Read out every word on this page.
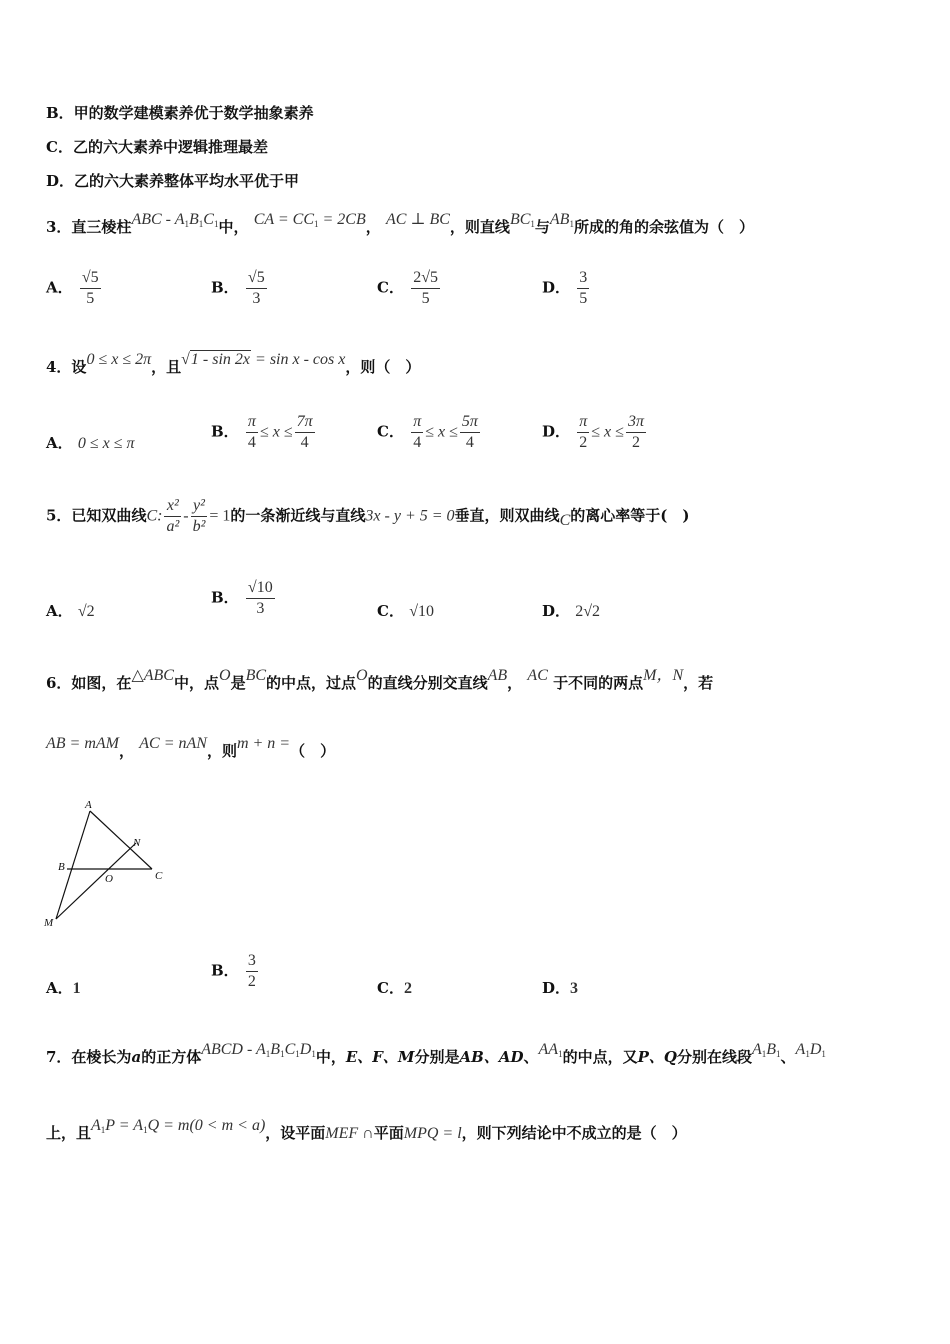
B．甲的数学建模素养优于数学抽象素养
C．乙的六大素养中逻辑推理最差
D．乙的六大素养整体平均水平优于甲
3．直三棱柱ABC - $A_1B_1C_1$中， CA = $CC_1 = 2CB$， AC ⊥ BC，则直线$BC_1$与$AB_1$所成的角的余弦值为（　）
A． $\frac{√5}{5}$	B． $\frac{√5}{3}$	C． $\frac{2√5}{5}$	D． $\frac{3}{5}$
4．设0 ≤ x ≤ 2π，且√1 - sin 2x = sin x - cos x，则（　）
A． 0 ≤ x ≤ π
B． $\frac{\pi}{4} \le x \le \frac{7\pi}{4}$	C． $\frac{\pi}{4} \le x \le \frac{5\pi}{4}$	D． $\frac{\pi}{2} \le x \le \frac{3\pi}{2}$
5．已知双曲线C: $\frac{\text{x²}}{\text{a²}} - \frac{\text{y²}}{\text{b²}} = 1$的一条渐近线与直线3x - y + 5 = 0垂直，则双曲线C的离心率等于(　)
A． √2
B． $\frac{√10}{3}$	C． √10	D． 2√2
6．如图，在△ABC中，点O是BC的中点，过点O的直线分别交直线AB， AC 于不同的两点M，N，若
AB = mAM， AC = nAN，则m + n =（　）
A
B
C
N
O
M
A．1
B． $\frac{3}{2}$	C．2	D．3
7．在棱长为a的正方体ABCD - $A_1B_1C_1D_1$中，E、F、M分别是AB、AD、$AA_1$的中点，又P、Q分别在线段$A_1B_1$、$A_1D_1$
上，且$A_1P = A_1Q = m(0 < m < a)$，设平面MEF ∩平面MPQ = l，则下列结论中不成立的是（　）
